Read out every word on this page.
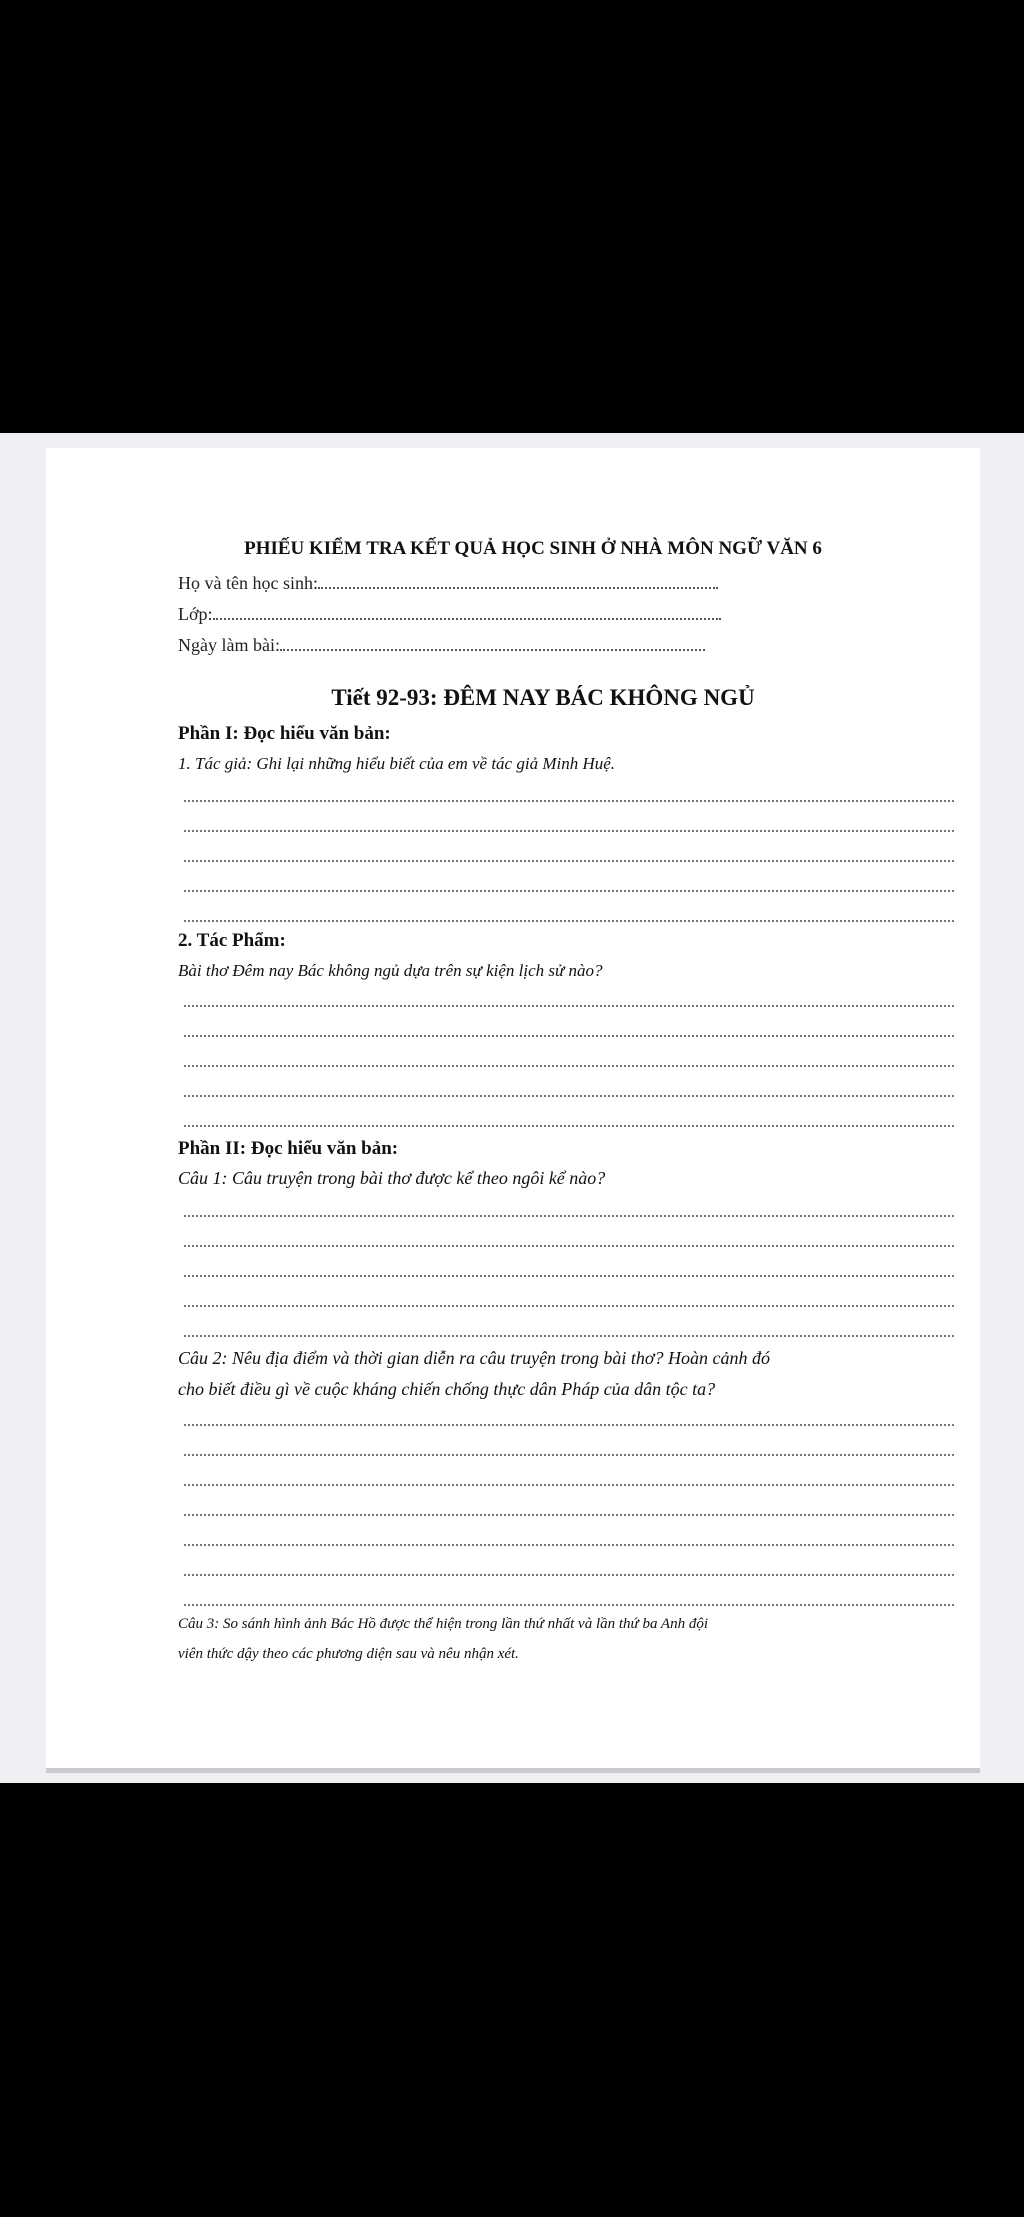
PHIẾU KIỂM TRA KẾT QUẢ HỌC SINH Ở NHÀ MÔN NGỮ VĂN 6
Họ và tên học sinh:
Lớp:
Ngày làm bài:
Tiết 92-93: ĐÊM NAY BÁC KHÔNG NGỦ
Phần I: Đọc hiểu văn bản:
1. Tác giả: Ghi lại những hiểu biết của em về tác giả Minh Huệ.
2. Tác Phẩm:
Bài thơ Đêm nay Bác không ngủ dựa trên sự kiện lịch sử nào?
Phần II: Đọc hiểu văn bản:
Câu 1: Câu truyện trong bài thơ được kể theo ngôi kể nào?
Câu 2: Nêu địa điểm và thời gian diễn ra câu truyện trong bài thơ? Hoàn cảnh đó
cho biết điều gì về cuộc kháng chiến chống thực dân Pháp của dân tộc ta?
Câu 3: So sánh hình ảnh Bác Hồ được thể hiện trong lần thứ nhất và lần thứ ba Anh đội
viên thức dậy theo các phương diện sau và nêu nhận xét.
